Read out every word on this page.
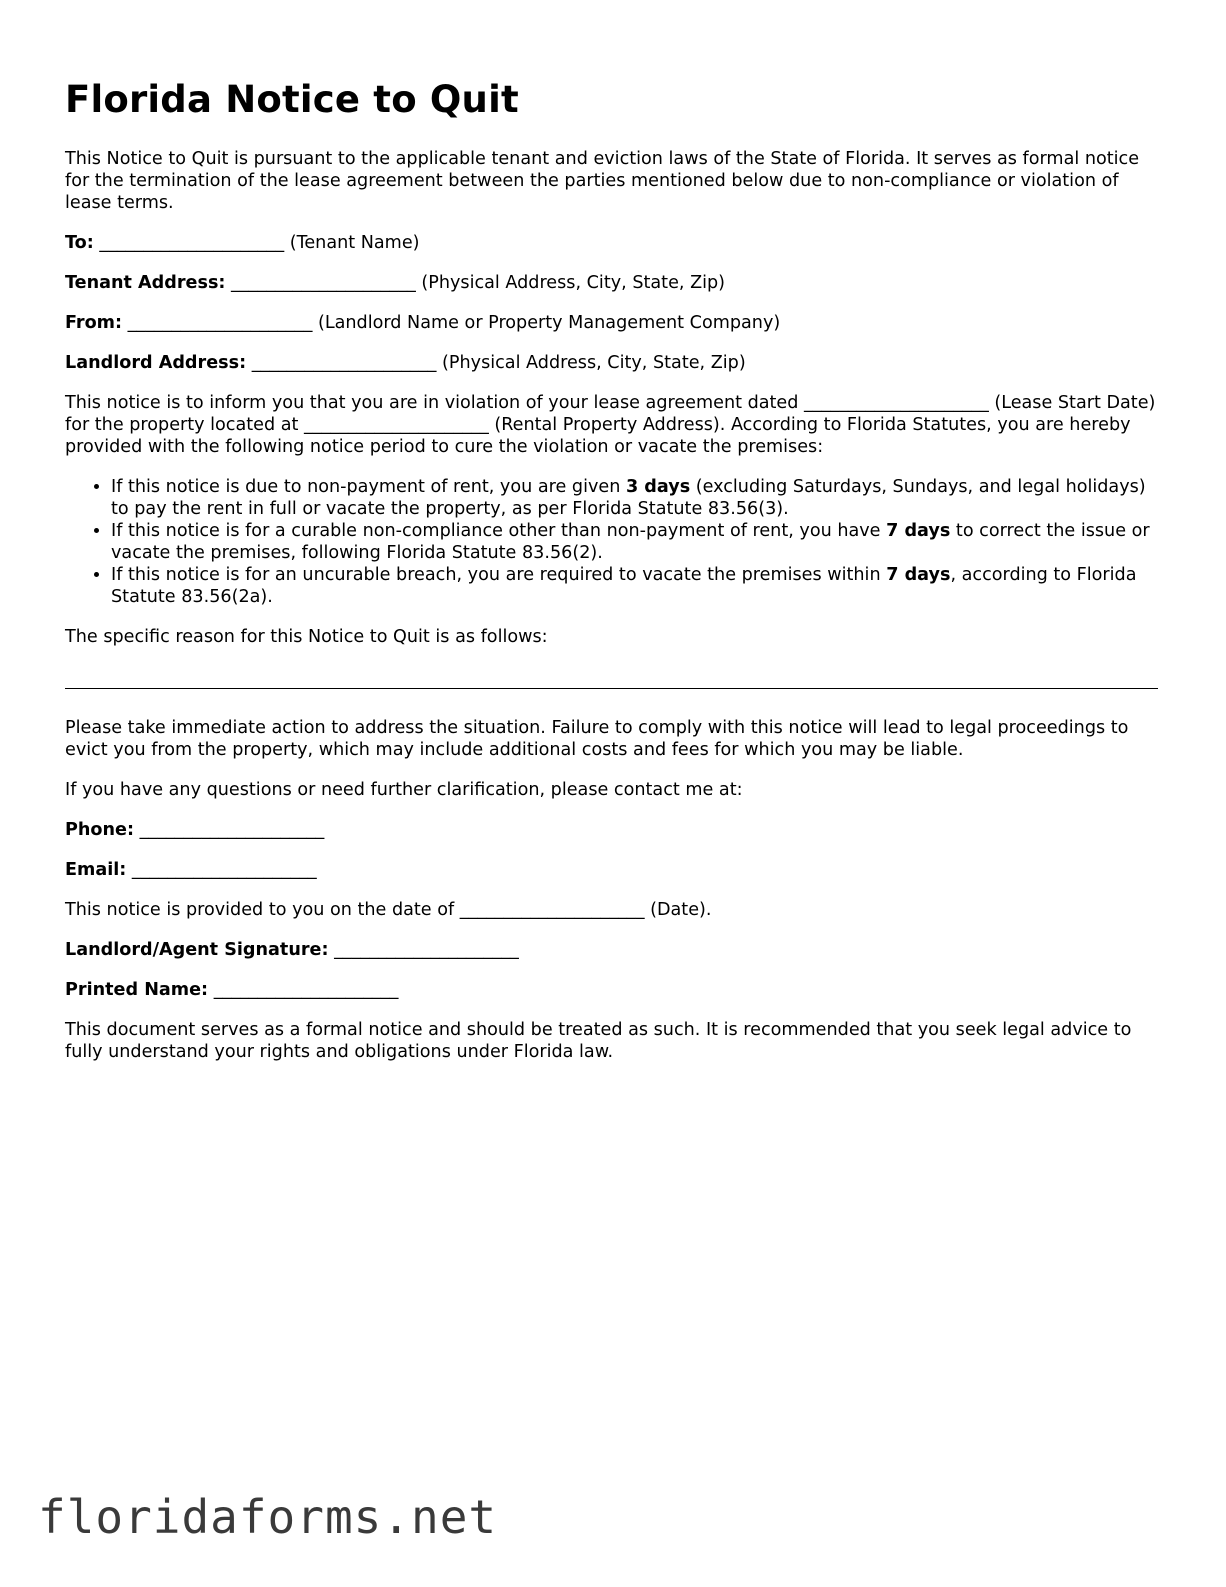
Florida Notice to Quit

This Notice to Quit is pursuant to the applicable tenant and eviction laws of the State of Florida. It serves as formal notice for the termination of the lease agreement between the parties mentioned below due to non-compliance or violation of lease terms.

To: _____________________ (Tenant Name)

Tenant Address: _____________________ (Physical Address, City, State, Zip)

From: _____________________ (Landlord Name or Property Management Company)

Landlord Address: _____________________ (Physical Address, City, State, Zip)

This notice is to inform you that you are in violation of your lease agreement dated _____________________ (Lease Start Date) for the property located at _____________________ (Rental Property Address). According to Florida Statutes, you are hereby provided with the following notice period to cure the violation or vacate the premises:

• If this notice is due to non-payment of rent, you are given 3 days (excluding Saturdays, Sundays, and legal holidays) to pay the rent in full or vacate the property, as per Florida Statute 83.56(3).
• If this notice is for a curable non-compliance other than non-payment of rent, you have 7 days to correct the issue or vacate the premises, following Florida Statute 83.56(2).
• If this notice is for an uncurable breach, you are required to vacate the premises within 7 days, according to Florida Statute 83.56(2a).

The specific reason for this Notice to Quit is as follows:

Please take immediate action to address the situation. Failure to comply with this notice will lead to legal proceedings to evict you from the property, which may include additional costs and fees for which you may be liable.

If you have any questions or need further clarification, please contact me at:

Phone: _____________________

Email: _____________________

This notice is provided to you on the date of _____________________ (Date).

Landlord/Agent Signature: _____________________

Printed Name: _____________________

This document serves as a formal notice and should be treated as such. It is recommended that you seek legal advice to fully understand your rights and obligations under Florida law.

floridaforms.net
